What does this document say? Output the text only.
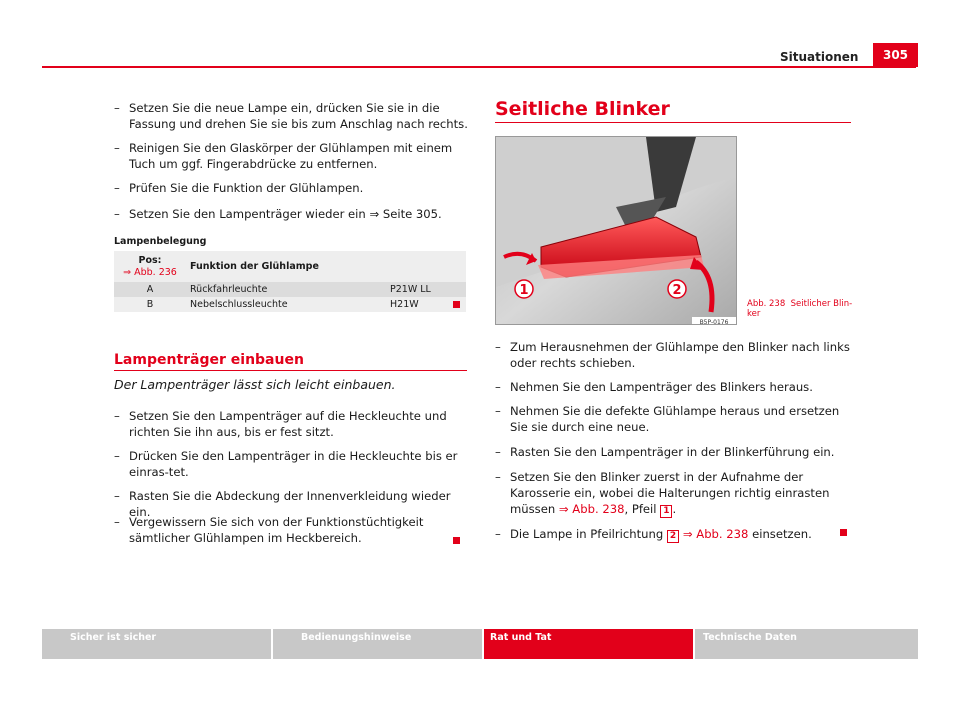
Situationen	305
– Setzen Sie die neue Lampe ein, drücken Sie sie in die Fassung und drehen Sie sie bis zum Anschlag nach rechts.
– Reinigen Sie den Glaskörper der Glühlampen mit einem Tuch um ggf. Fingerabdrücke zu entfernen.
– Prüfen Sie die Funktion der Glühlampen.
– Setzen Sie den Lampenträger wieder ein ⇒ Seite 305.
Lampenbelegung
Pos:
⇒ Abb. 236	Funktion der Glühlampe	
A	Rückfahrleuchte	P21W LL
B	Nebelschlussleuchte	H21W
Lampenträger einbauen
Der Lampenträger lässt sich leicht einbauen.
– Setzen Sie den Lampenträger auf die Heckleuchte und richten Sie ihn aus, bis er fest sitzt.
– Drücken Sie den Lampenträger in die Heckleuchte bis er einras-tet.
– Rasten Sie die Abdeckung der Innenverkleidung wieder ein.
– Vergewissern Sie sich von der Funktionstüchtigkeit sämtlicher Glühlampen im Heckbereich.
Seitliche Blinker
1	2
B5P-0176
Abb. 238 Seitlicher Blin-ker
– Zum Herausnehmen der Glühlampe den Blinker nach links oder rechts schieben.
– Nehmen Sie den Lampenträger des Blinkers heraus.
– Nehmen Sie die defekte Glühlampe heraus und ersetzen Sie sie durch eine neue.
– Rasten Sie den Lampenträger in der Blinkerführung ein.
– Setzen Sie den Blinker zuerst in der Aufnahme der Karosserie ein, wobei die Halterungen richtig einrasten müssen ⇒ Abb. 238, Pfeil 1 .
– Die Lampe in Pfeilrichtung 2 ⇒ Abb. 238 einsetzen.
Sicher ist sicher	Bedienungshinweise	Rat und Tat	Technische Daten
